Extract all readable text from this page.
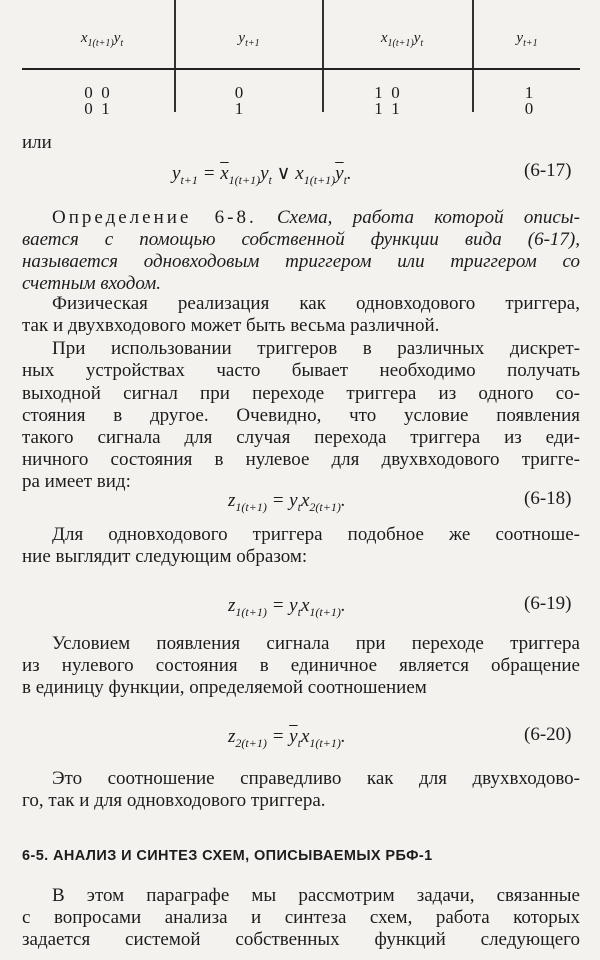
$x_{1(t+1)}y_t$	$y_{t+1}$	$x_{1(t+1)}y_t$	$y_{t+1}$
0  0	0	1  0	1
0  1	1	1  1	0
или
$y_{t+1} = \overline{x}_{1(t+1)}y_t$ ∨ $x_{1(t+1)}\overline{y}_t$.	(6-17)
Определение 6-8. Схема, работа которой описы-
вается с помощью собственной функции вида (6-17),
называется одновходовым триггером или триггером со
счетным входом.
Физическая реализация как одновходового триггера,
так и двухвходового может быть весьма различной.
При использовании триггеров в различных дискрет-
ных устройствах часто бывает необходимо получать
выходной сигнал при переходе триггера из одного со-
стояния в другое. Очевидно, что условие появления
такого сигнала для случая перехода триггера из еди-
ничного состояния в нулевое для двухвходового тригге-
ра имеет вид:
$z_{1(t+1)} = y_tx_{2(t+1)}$.	(6-18)
Для одновходового триггера подобное же соотноше-
ние выглядит следующим образом:
$z_{1(t+1)} = y_tx_{1(t+1)}$.	(6-19)
Условием появления сигнала при переходе триггера
из нулевого состояния в единичное является обращение
в единицу функции, определяемой соотношением
$z_{2(t+1)} = \overline{y}_tx_{1(t+1)}$.	(6-20)
Это соотношение справедливо как для двухвходово-
го, так и для одновходового триггера.
6-5. АНАЛИЗ И СИНТЕЗ СХЕМ, ОПИСЫВАЕМЫХ РБФ-1
В этом параграфе мы рассмотрим задачи, связанные
с вопросами анализа и синтеза схем, работа которых
задается системой собственных функций следующего
